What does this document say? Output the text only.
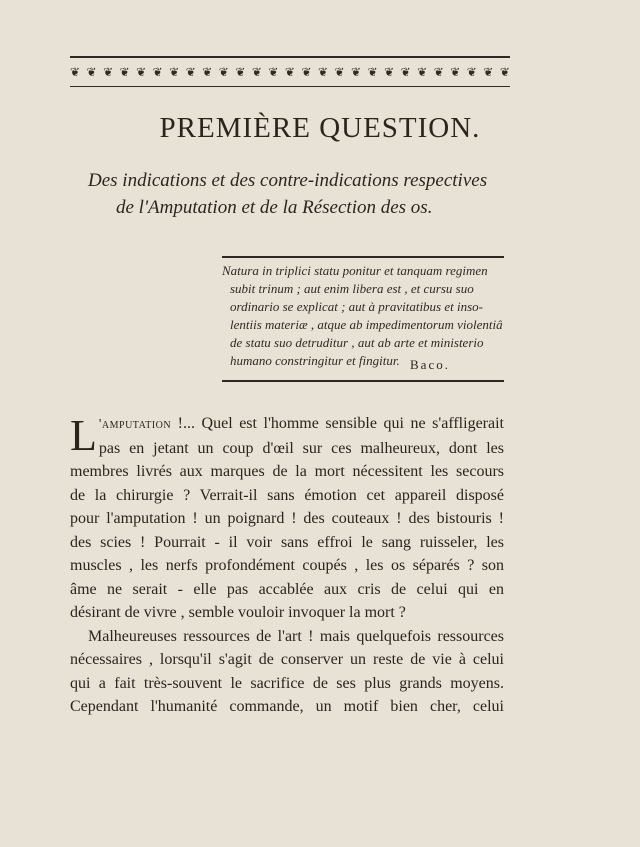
❦ ❦ ❦ ❦ ❦ ❦ ❦ ❦ ❦ ❦ ❦ ❦ ❦ ❦ ❦ ❦ ❦ ❦ ❦ ❦ ❦ ❦ ❦ ❦ ❦ ❦ ❦
PREMIÈRE QUESTION.
Des indications et des contre-indications respectives
de l'Amputation et de la Résection des os.
Natura in triplici statu ponitur et tanquam regimen
subit trinum ; aut enim libera est , et cursu suo
ordinario se explicat ; aut à pravitatibus et inso-
lentiis materiæ , atque ab impedimentorum violentiâ
de statu suo detruditur , aut ab arte et ministerio
humano constringitur et fingitur. Baco.
L 'amputation !... Quel est l'homme sensible qui ne s'affligerait
pas en jetant un coup d'œil sur ces malheureux, dont les
membres livrés aux marques de la mort nécessitent les secours
de la chirurgie ? Verrait-il sans émotion cet appareil disposé
pour l'amputation ! un poignard ! des couteaux ! des bistouris !
des scies ! Pourrait - il voir sans effroi le sang ruisseler, les
muscles , les nerfs profondément coupés , les os séparés ? son
âme ne serait - elle pas accablée aux cris de celui qui en
désirant de vivre , semble vouloir invoquer la mort ?
Malheureuses ressources de l'art ! mais quelquefois ressources
nécessaires , lorsqu'il s'agit de conserver un reste de vie à celui
qui a fait très-souvent le sacrifice de ses plus grands moyens.
Cependant l'humanité commande, un motif bien cher, celui
